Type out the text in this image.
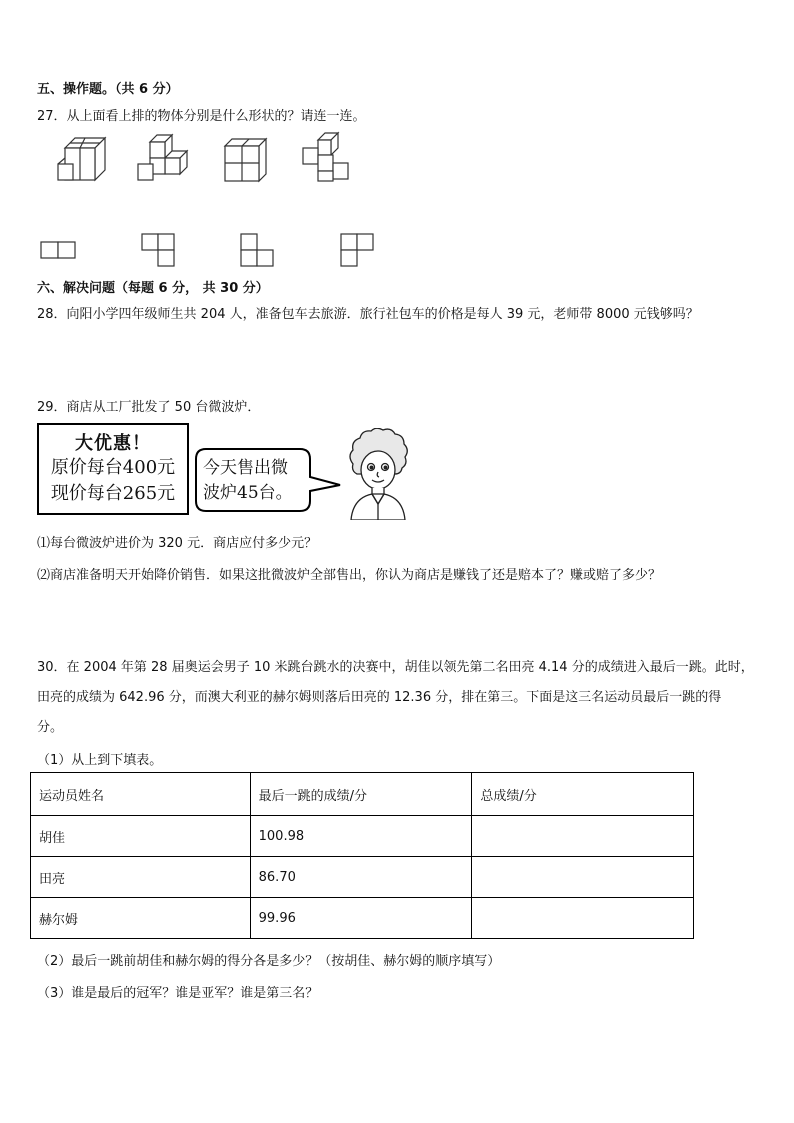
五、操作题。（共 6 分）
27．从上面看上排的物体分别是什么形状的？请连一连。
六、解决问题（每题 6 分， 共 30 分）
28．向阳小学四年级师生共 204 人，准备包车去旅游．旅行社包车的价格是每人 39 元，老师带 8000 元钱够吗？
29．商店从工厂批发了 50 台微波炉．
大优惠！
原价每台400元
现价每台265元
今天售出微
波炉45台。
⑴每台微波炉进价为 320 元．商店应付多少元？
⑵商店准备明天开始降价销售．如果这批微波炉全部售出，你认为商店是赚钱了还是赔本了？赚或赔了多少？
30．在 2004 年第 28 届奥运会男子 10 米跳台跳水的决赛中，胡佳以领先第二名田亮 4.14 分的成绩进入最后一跳。此时，
田亮的成绩为 642.96 分，而澳大利亚的赫尔姆则落后田亮的 12.36 分，排在第三。下面是这三名运动员最后一跳的得
分。
（1）从上到下填表。
运动员姓名	最后一跳的成绩/分	总成绩/分
胡佳	100.98	
田亮	86.70	
赫尔姆	99.96	
（2）最后一跳前胡佳和赫尔姆的得分各是多少？（按胡佳、赫尔姆的顺序填写）
（3）谁是最后的冠军？谁是亚军？谁是第三名？
